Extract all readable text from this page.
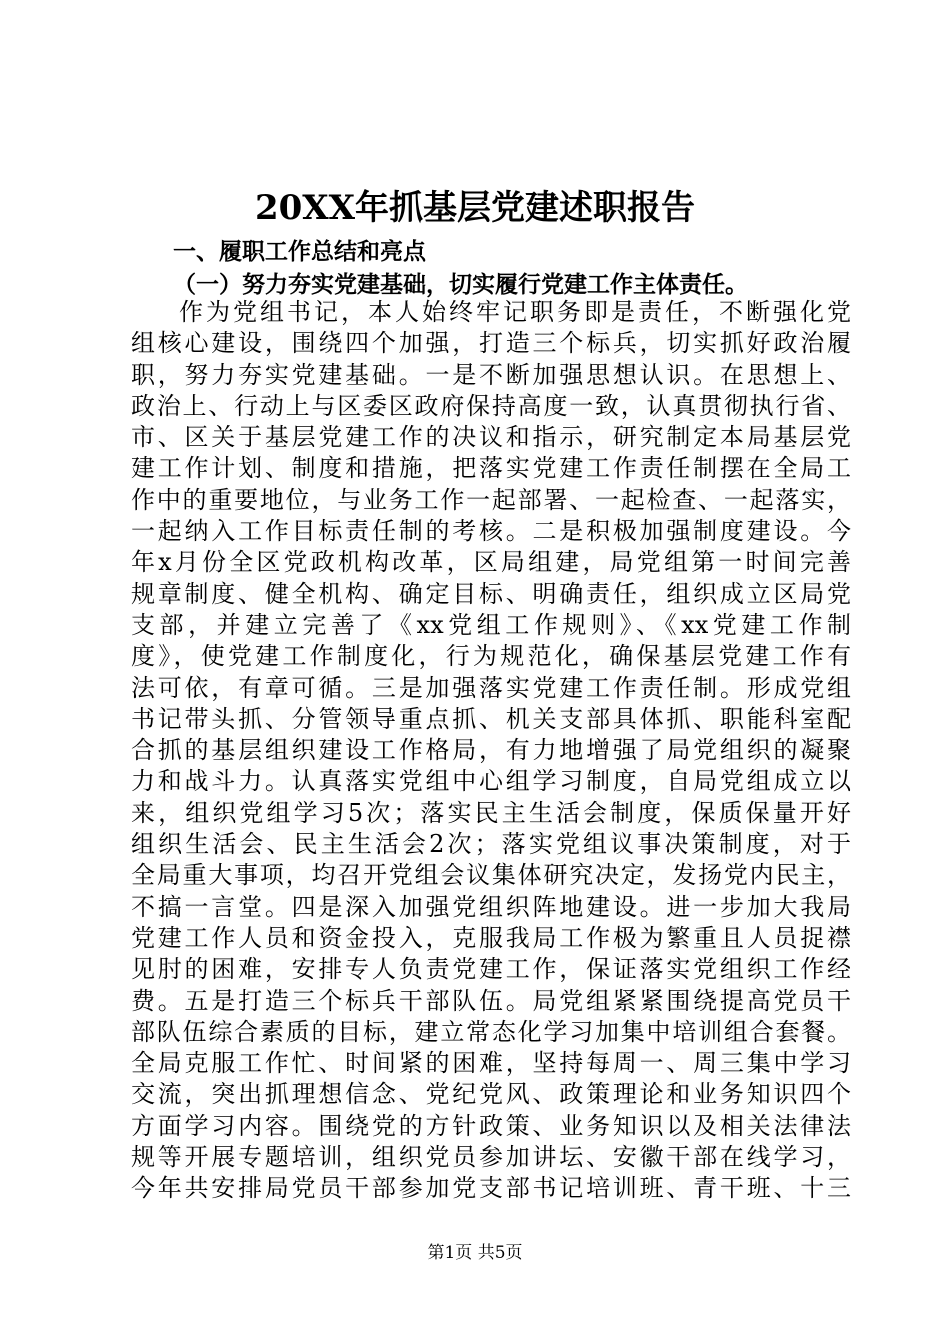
20XX年抓基层党建述职报告
一、履职工作总结和亮点
（一）努力夯实党建基础，切实履行党建工作主体责任。
作为党组书记，本人始终牢记职务即是责任，不断强化党
组核心建设，围绕四个加强，打造三个标兵，切实抓好政治履
职，努力夯实党建基础。一是不断加强思想认识。在思想上、
政治上、行动上与区委区政府保持高度一致，认真贯彻执行省、
市、区关于基层党建工作的决议和指示，研究制定本局基层党
建工作计划、制度和措施，把落实党建工作责任制摆在全局工
作中的重要地位，与业务工作一起部署、一起检查、一起落实，
一起纳入工作目标责任制的考核。二是积极加强制度建设。今
年x月份全区党政机构改革，区局组建，局党组第一时间完善
规章制度、健全机构、确定目标、明确责任，组织成立区局党
支部，并建立完善了《xx党组工作规则》、《xx党建工作制
度》，使党建工作制度化，行为规范化，确保基层党建工作有
法可依，有章可循。三是加强落实党建工作责任制。形成党组
书记带头抓、分管领导重点抓、机关支部具体抓、职能科室配
合抓的基层组织建设工作格局，有力地增强了局党组织的凝聚
力和战斗力。认真落实党组中心组学习制度，自局党组成立以
来，组织党组学习5次；落实民主生活会制度，保质保量开好
组织生活会、民主生活会2次；落实党组议事决策制度，对于
全局重大事项，均召开党组会议集体研究决定，发扬党内民主，
不搞一言堂。四是深入加强党组织阵地建设。进一步加大我局
党建工作人员和资金投入，克服我局工作极为繁重且人员捉襟
见肘的困难，安排专人负责党建工作，保证落实党组织工作经
费。五是打造三个标兵干部队伍。局党组紧紧围绕提高党员干
部队伍综合素质的目标，建立常态化学习加集中培训组合套餐。
全局克服工作忙、时间紧的困难，坚持每周一、周三集中学习
交流，突出抓理想信念、党纪党风、政策理论和业务知识四个
方面学习内容。围绕党的方针政策、业务知识以及相关法律法
规等开展专题培训，组织党员参加讲坛、安徽干部在线学习，
今年共安排局党员干部参加党支部书记培训班、青干班、十三
第1页 共5页
